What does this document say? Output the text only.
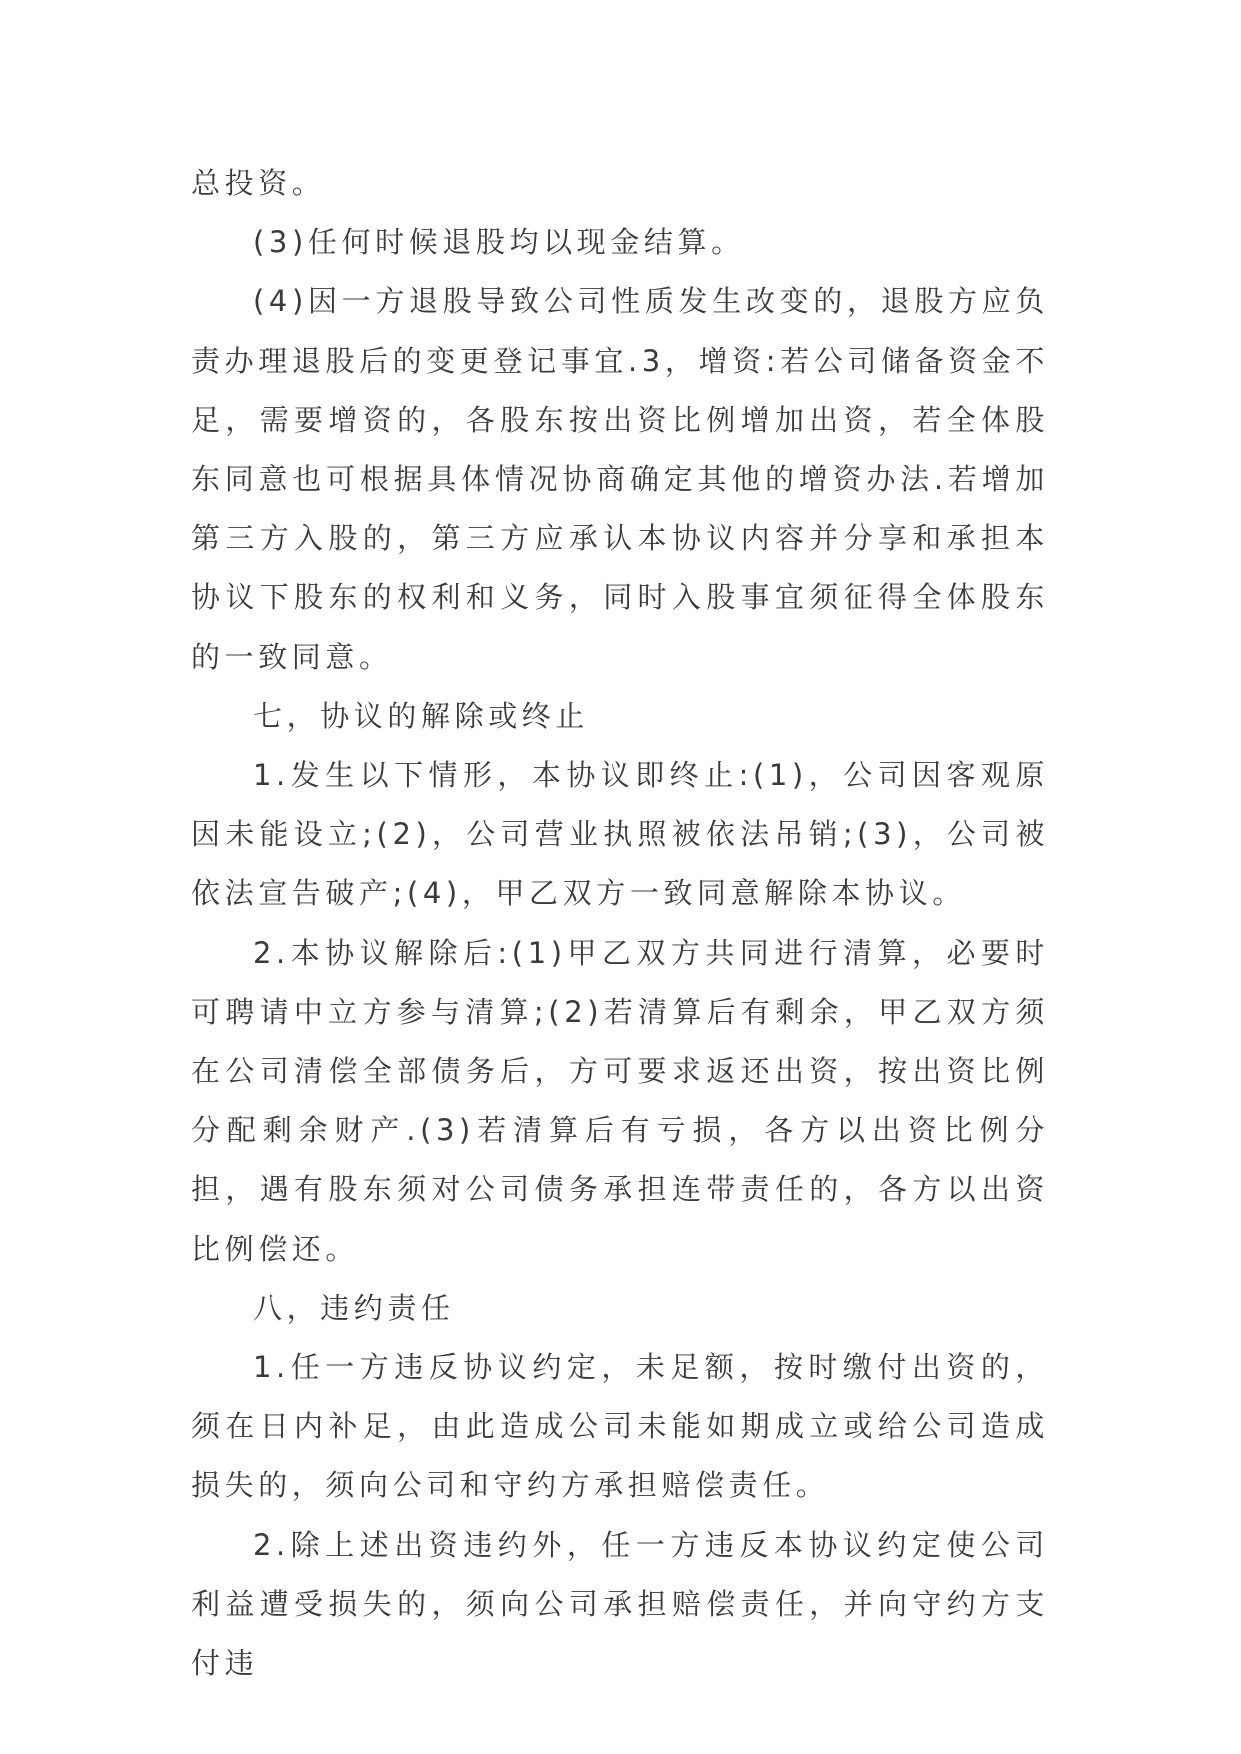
总投资。

(3)任何时候退股均以现金结算。

(4)因一方退股导致公司性质发生改变的，退股方应负责办理退股后的变更登记事宜.3，增资:若公司储备资金不足，需要增资的，各股东按出资比例增加出资，若全体股东同意也可根据具体情况协商确定其他的增资办法.若增加第三方入股的，第三方应承认本协议内容并分享和承担本协议下股东的权利和义务，同时入股事宜须征得全体股东的一致同意。

七，协议的解除或终止

1.发生以下情形，本协议即终止:(1)，公司因客观原因未能设立;(2)，公司营业执照被依法吊销;(3)，公司被依法宣告破产;(4)，甲乙双方一致同意解除本协议。

2.本协议解除后:(1)甲乙双方共同进行清算，必要时可聘请中立方参与清算;(2)若清算后有剩余，甲乙双方须在公司清偿全部债务后，方可要求返还出资，按出资比例分配剩余财产.(3)若清算后有亏损，各方以出资比例分担，遇有股东须对公司债务承担连带责任的，各方以出资比例偿还。

八，违约责任

1.任一方违反协议约定，未足额，按时缴付出资的，须在日内补足，由此造成公司未能如期成立或给公司造成损失的，须向公司和守约方承担赔偿责任。

2.除上述出资违约外，任一方违反本协议约定使公司利益遭受损失的，须向公司承担赔偿责任，并向守约方支付违
